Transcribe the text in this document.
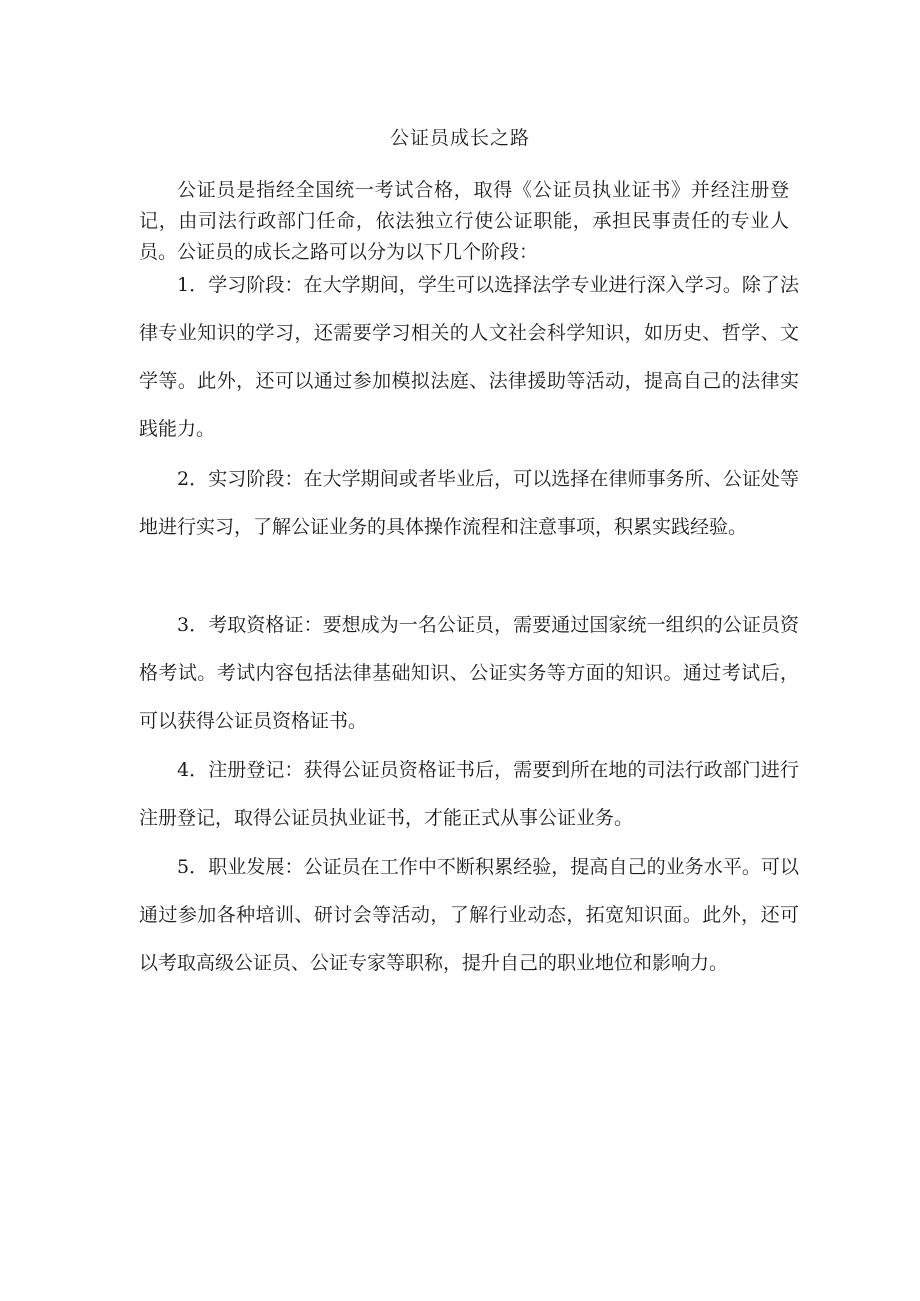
公证员成长之路

公证员是指经全国统一考试合格，取得《公证员执业证书》并经注册登记，由司法行政部门任命，依法独立行使公证职能，承担民事责任的专业人员。公证员的成长之路可以分为以下几个阶段：

1．学习阶段：在大学期间，学生可以选择法学专业进行深入学习。除了法律专业知识的学习，还需要学习相关的人文社会科学知识，如历史、哲学、文学等。此外，还可以通过参加模拟法庭、法律援助等活动，提高自己的法律实践能力。

2．实习阶段：在大学期间或者毕业后，可以选择在律师事务所、公证处等地进行实习，了解公证业务的具体操作流程和注意事项，积累实践经验。

3．考取资格证：要想成为一名公证员，需要通过国家统一组织的公证员资格考试。考试内容包括法律基础知识、公证实务等方面的知识。通过考试后，可以获得公证员资格证书。

4．注册登记：获得公证员资格证书后，需要到所在地的司法行政部门进行注册登记，取得公证员执业证书，才能正式从事公证业务。

5．职业发展：公证员在工作中不断积累经验，提高自己的业务水平。可以通过参加各种培训、研讨会等活动，了解行业动态，拓宽知识面。此外，还可以考取高级公证员、公证专家等职称，提升自己的职业地位和影响力。
